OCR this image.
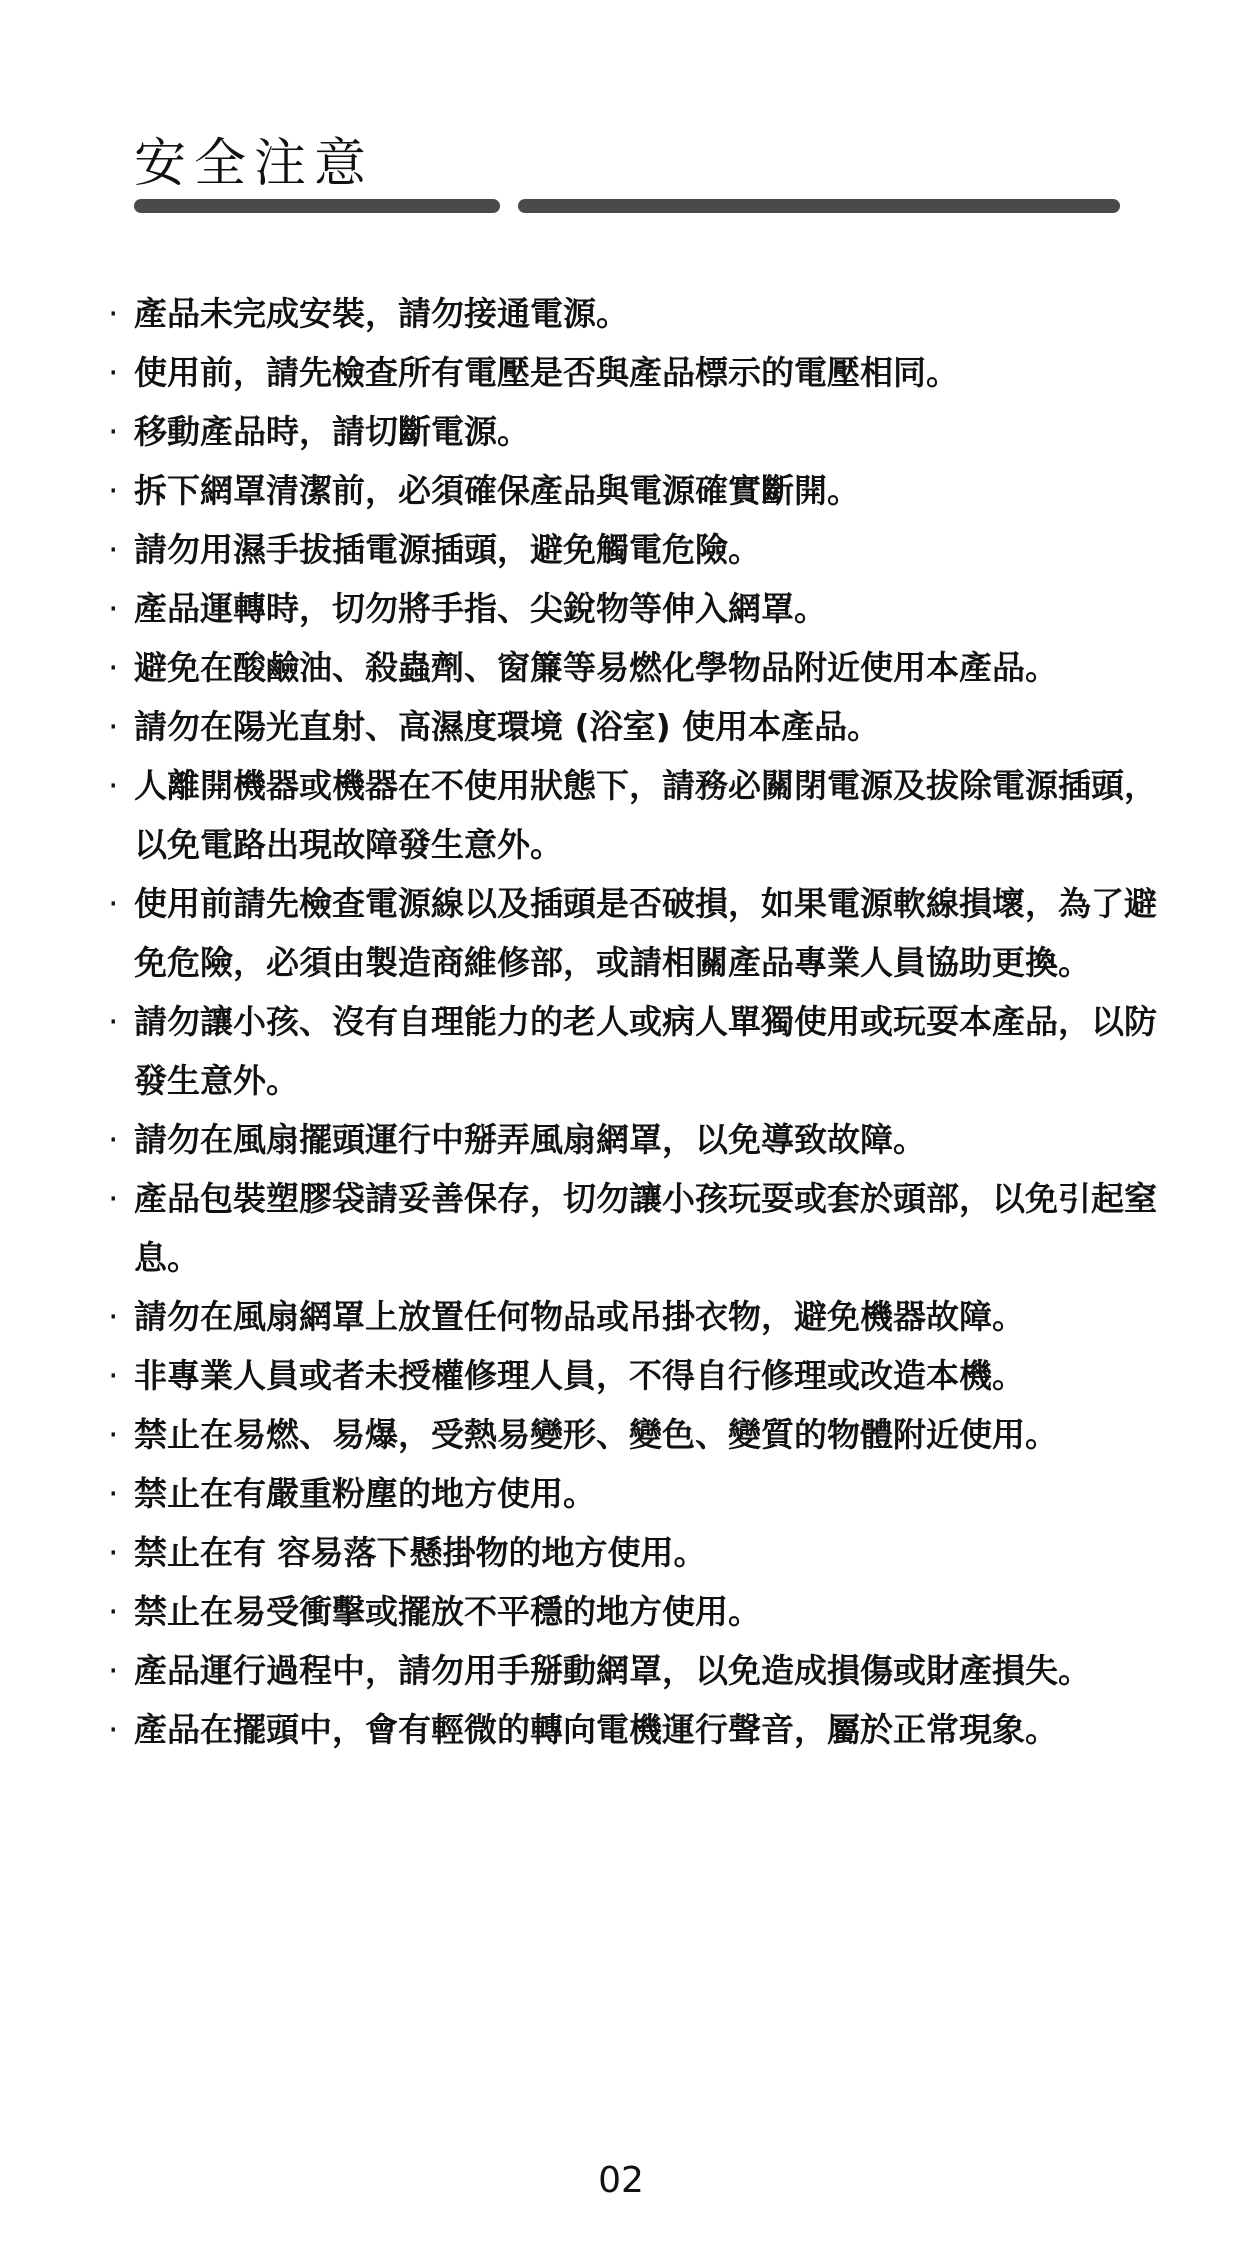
安全注意
· 產品未完成安裝，請勿接通電源。
· 使用前，請先檢查所有電壓是否與產品標示的電壓相同。
· 移動產品時，請切斷電源。
· 拆下網罩清潔前，必須確保產品與電源確實斷開。
· 請勿用濕手拔插電源插頭，避免觸電危險。
· 產品運轉時，切勿將手指、尖銳物等伸入網罩。
· 避免在酸鹼油、殺蟲劑、窗簾等易燃化學物品附近使用本產品。
· 請勿在陽光直射、高濕度環境 (浴室) 使用本產品。
· 人離開機器或機器在不使用狀態下，請務必關閉電源及拔除電源插頭，以免電路出現故障發生意外。
· 使用前請先檢查電源線以及插頭是否破損，如果電源軟線損壞，為了避免危險，必須由製造商維修部，或請相關產品專業人員協助更換。
· 請勿讓小孩、沒有自理能力的老人或病人單獨使用或玩耍本產品，以防發生意外。
· 請勿在風扇擺頭運行中掰弄風扇網罩，以免導致故障。
· 產品包裝塑膠袋請妥善保存，切勿讓小孩玩耍或套於頭部，以免引起窒息。
· 請勿在風扇網罩上放置任何物品或吊掛衣物，避免機器故障。
· 非專業人員或者未授權修理人員，不得自行修理或改造本機。
· 禁止在易燃、易爆，受熱易變形、變色、變質的物體附近使用。
· 禁止在有嚴重粉塵的地方使用。
· 禁止在有 容易落下懸掛物的地方使用。
· 禁止在易受衝擊或擺放不平穩的地方使用。
· 產品運行過程中，請勿用手掰動網罩，以免造成損傷或財產損失。
· 產品在擺頭中，會有輕微的轉向電機運行聲音，屬於正常現象。
02
